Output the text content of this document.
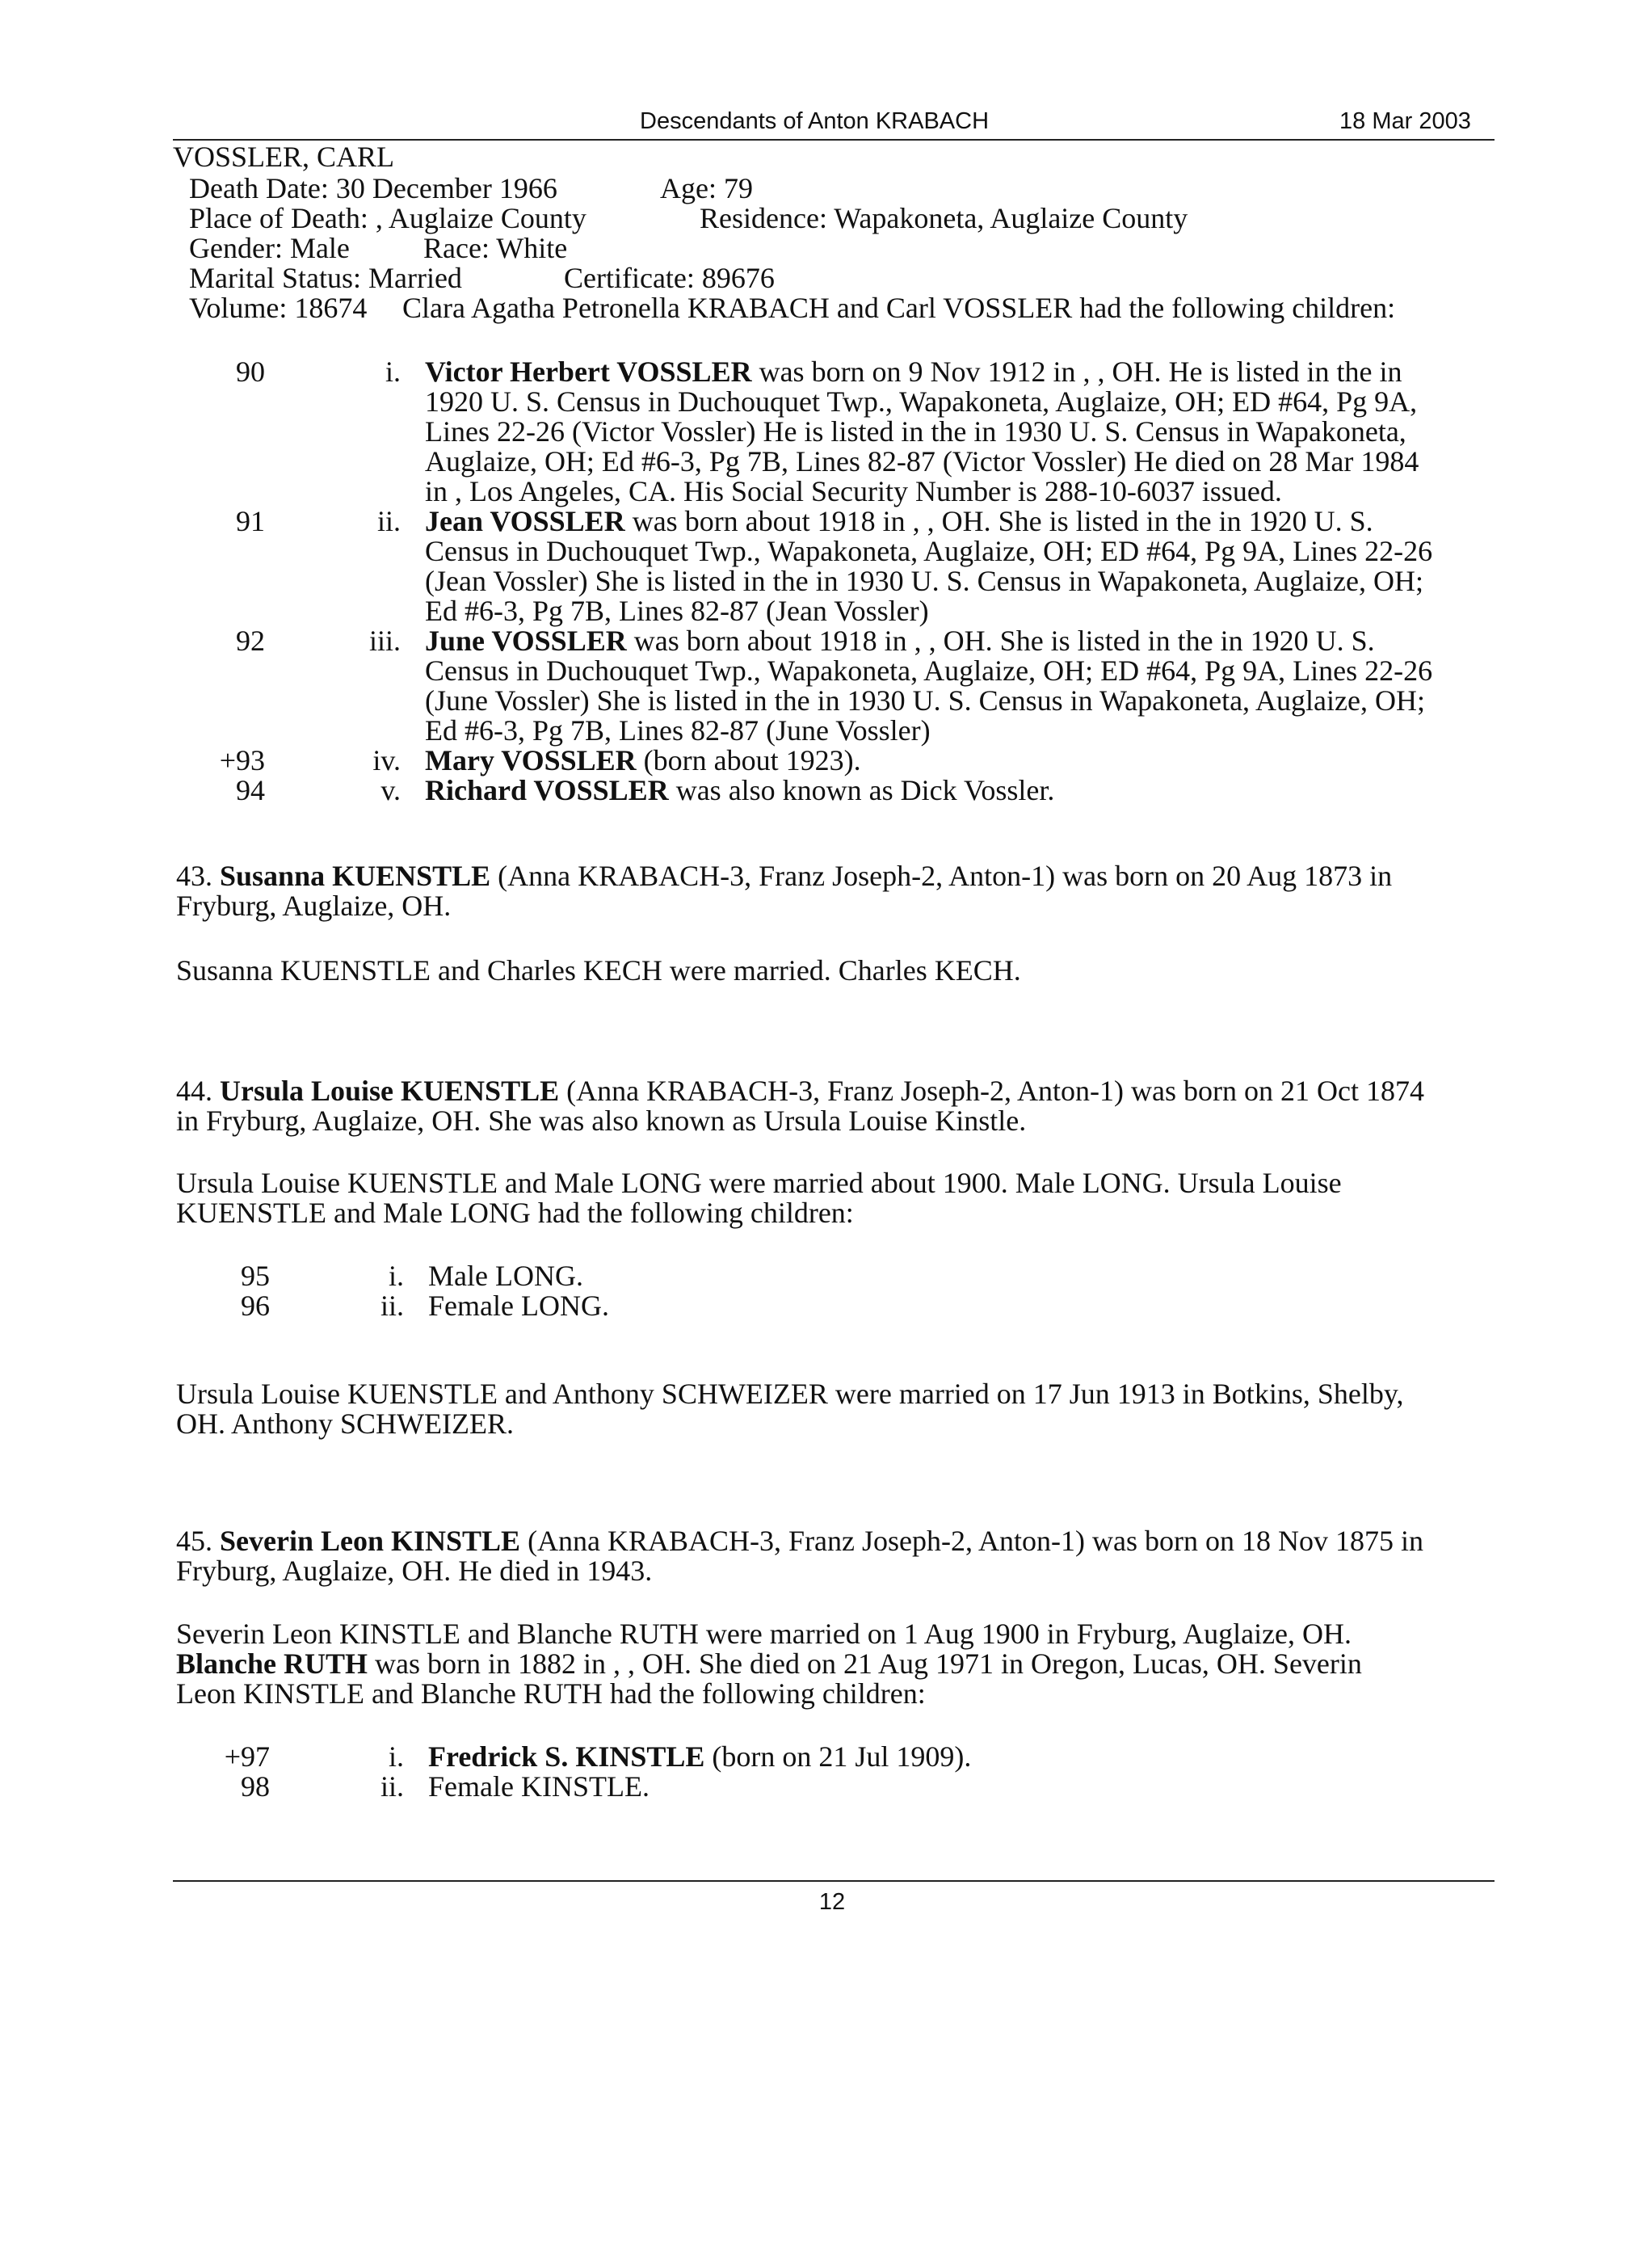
Descendants of Anton KRABACH	18 Mar 2003
VOSSLER, CARL
Death Date: 30 December 1966	Age: 79
Place of Death: , Auglaize County	Residence: Wapakoneta, Auglaize County
Gender: Male	Race: White
Marital Status: Married	Certificate: 89676
Volume: 18674 Clara Agatha Petronella KRABACH and Carl VOSSLER had the following children:
90	i. Victor Herbert VOSSLER was born on 9 Nov 1912 in , , OH. He is listed in the in
1920 U. S. Census in Duchouquet Twp., Wapakoneta, Auglaize, OH; ED #64, Pg 9A,
Lines 22-26 (Victor Vossler) He is listed in the in 1930 U. S. Census in Wapakoneta,
Auglaize, OH; Ed #6-3, Pg 7B, Lines 82-87 (Victor Vossler) He died on 28 Mar 1984
in , Los Angeles, CA. His Social Security Number is 288-10-6037 issued.
91	ii. Jean VOSSLER was born about 1918 in , , OH. She is listed in the in 1920 U. S.
Census in Duchouquet Twp., Wapakoneta, Auglaize, OH; ED #64, Pg 9A, Lines 22-26
(Jean Vossler) She is listed in the in 1930 U. S. Census in Wapakoneta, Auglaize, OH;
Ed #6-3, Pg 7B, Lines 82-87 (Jean Vossler)
92	iii. June VOSSLER was born about 1918 in , , OH. She is listed in the in 1920 U. S.
Census in Duchouquet Twp., Wapakoneta, Auglaize, OH; ED #64, Pg 9A, Lines 22-26
(June Vossler) She is listed in the in 1930 U. S. Census in Wapakoneta, Auglaize, OH;
Ed #6-3, Pg 7B, Lines 82-87 (June Vossler)
+93	iv. Mary VOSSLER (born about 1923).
94	v. Richard VOSSLER was also known as Dick Vossler.
43. Susanna KUENSTLE (Anna KRABACH-3, Franz Joseph-2, Anton-1) was born on 20 Aug 1873 in
Fryburg, Auglaize, OH.
Susanna KUENSTLE and Charles KECH were married. Charles KECH.
44. Ursula Louise KUENSTLE (Anna KRABACH-3, Franz Joseph-2, Anton-1) was born on 21 Oct 1874
in Fryburg, Auglaize, OH. She was also known as Ursula Louise Kinstle.
Ursula Louise KUENSTLE and Male LONG were married about 1900. Male LONG. Ursula Louise
KUENSTLE and Male LONG had the following children:
95	i. Male LONG.
96	ii. Female LONG.
Ursula Louise KUENSTLE and Anthony SCHWEIZER were married on 17 Jun 1913 in Botkins, Shelby,
OH. Anthony SCHWEIZER.
45. Severin Leon KINSTLE (Anna KRABACH-3, Franz Joseph-2, Anton-1) was born on 18 Nov 1875 in
Fryburg, Auglaize, OH. He died in 1943.
Severin Leon KINSTLE and Blanche RUTH were married on 1 Aug 1900 in Fryburg, Auglaize, OH.
Blanche RUTH was born in 1882 in , , OH. She died on 21 Aug 1971 in Oregon, Lucas, OH. Severin
Leon KINSTLE and Blanche RUTH had the following children:
+97	i. Fredrick S. KINSTLE (born on 21 Jul 1909).
98	ii. Female KINSTLE.
12
